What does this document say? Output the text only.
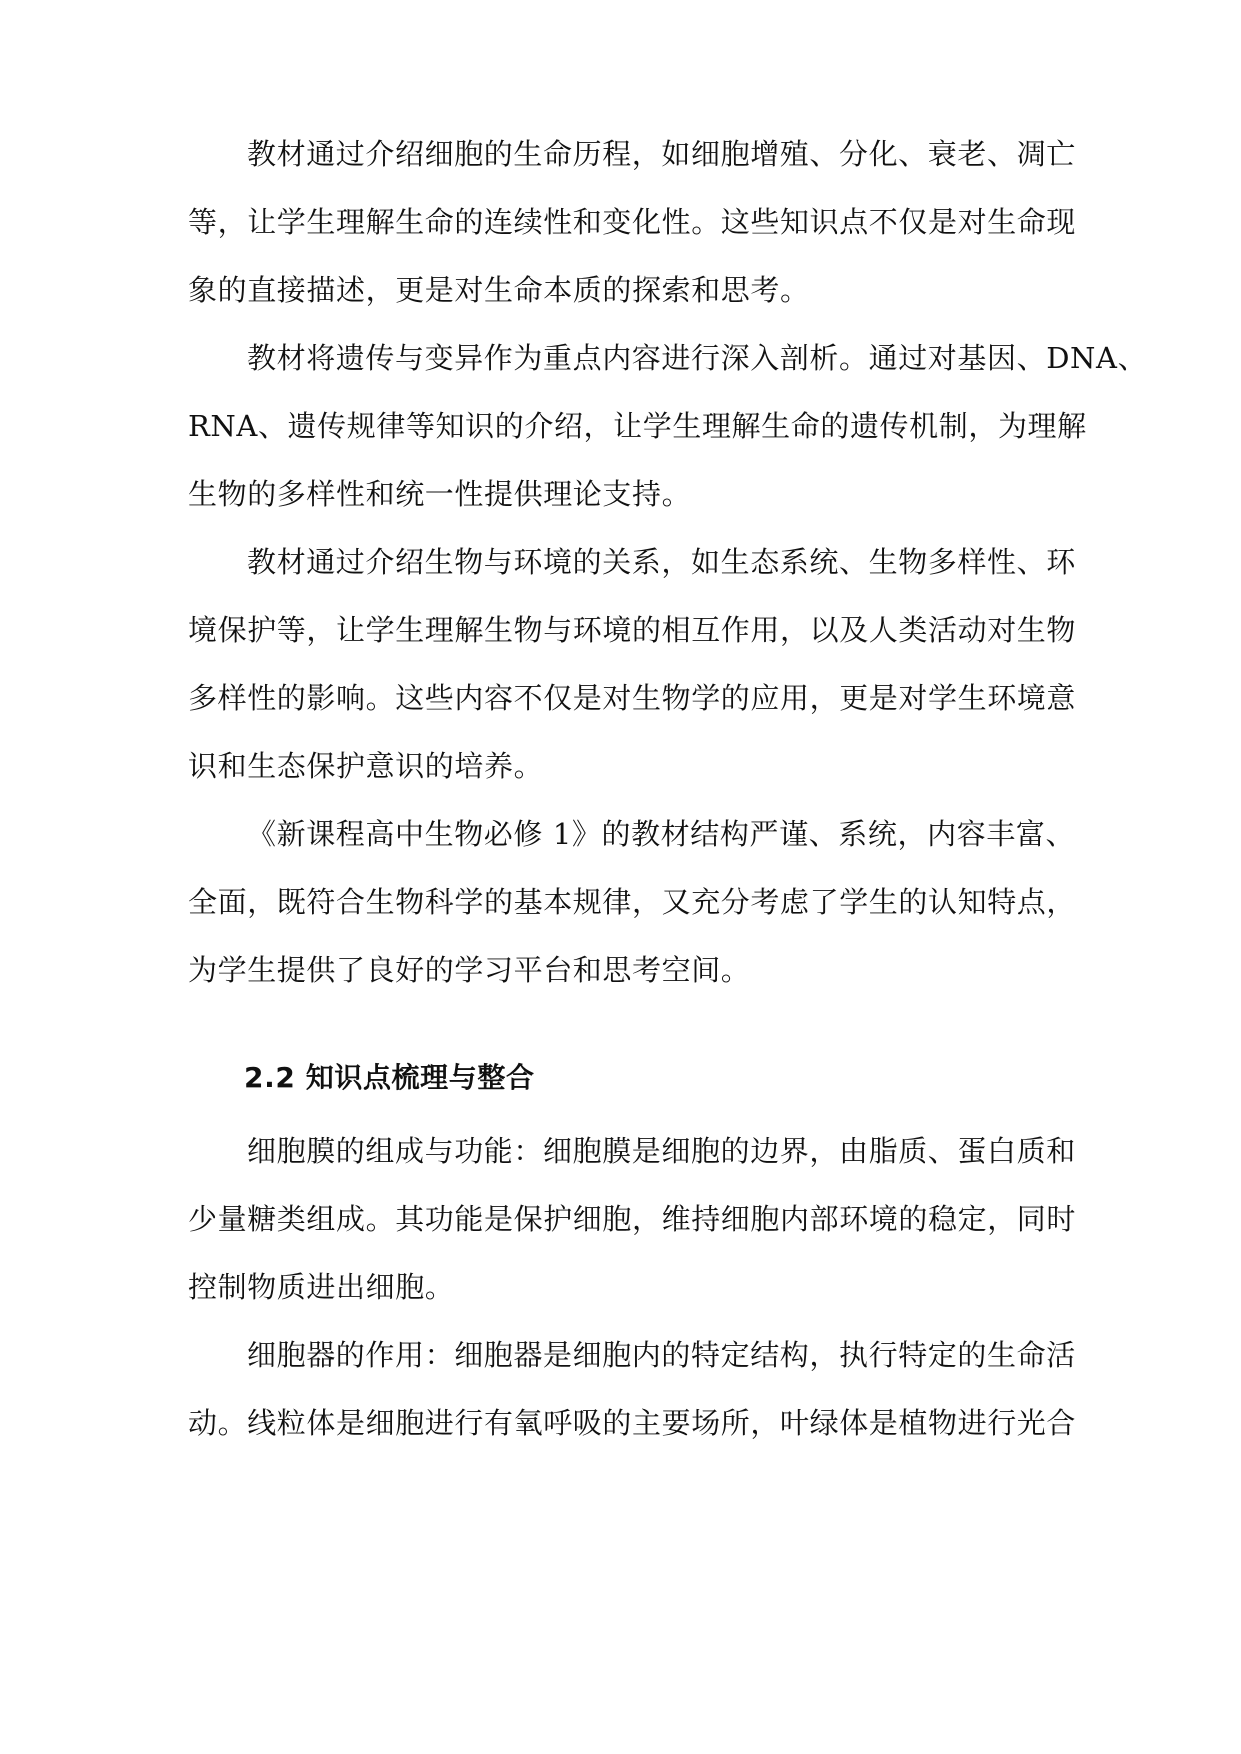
教材通过介绍细胞的生命历程，如细胞增殖、分化、衰老、凋亡
等，让学生理解生命的连续性和变化性。这些知识点不仅是对生命现
象的直接描述，更是对生命本质的探索和思考。
教材将遗传与变异作为重点内容进行深入剖析。通过对基因、DNA、
RNA、遗传规律等知识的介绍，让学生理解生命的遗传机制，为理解
生物的多样性和统一性提供理论支持。
教材通过介绍生物与环境的关系，如生态系统、生物多样性、环
境保护等，让学生理解生物与环境的相互作用，以及人类活动对生物
多样性的影响。这些内容不仅是对生物学的应用，更是对学生环境意
识和生态保护意识的培养。
《新课程高中生物必修 1》的教材结构严谨、系统，内容丰富、
全面，既符合生物科学的基本规律，又充分考虑了学生的认知特点，
为学生提供了良好的学习平台和思考空间。
2.2 知识点梳理与整合
细胞膜的组成与功能：细胞膜是细胞的边界，由脂质、蛋白质和
少量糖类组成。其功能是保护细胞，维持细胞内部环境的稳定，同时
控制物质进出细胞。
细胞器的作用：细胞器是细胞内的特定结构，执行特定的生命活
动。线粒体是细胞进行有氧呼吸的主要场所，叶绿体是植物进行光合
